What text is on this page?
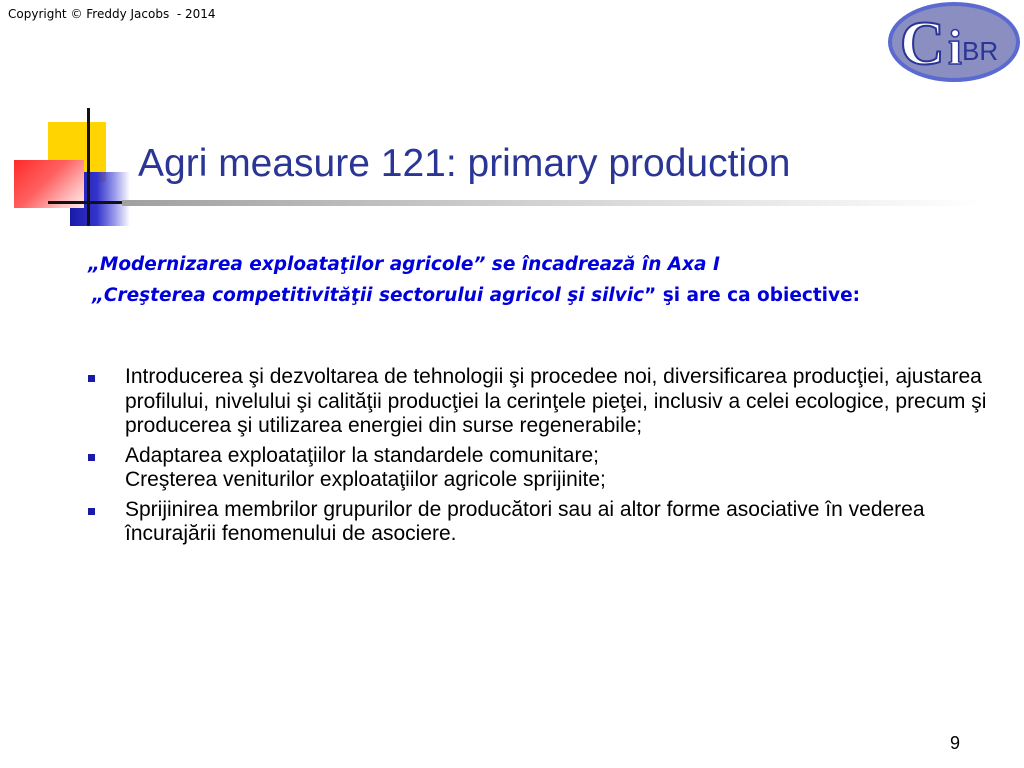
Copyright © Freddy Jacobs  - 2014	C i BR
Agri measure 121: primary production
„Modernizarea exploataţilor agricole” se încadrează în Axa I
„Creşterea competitivităţii sectorului agricol şi silvic” şi are ca obiective:
Introducerea şi dezvoltarea de tehnologii şi procedee noi, diversificarea producţiei, ajustarea profilului, nivelului şi calităţii producţiei la cerinţele pieţei, inclusiv a celei ecologice, precum şi producerea şi utilizarea energiei din surse regenerabile;
Adaptarea exploataţiilor la standardele comunitare;
Creşterea veniturilor exploataţiilor agricole sprijinite;
Sprijinirea membrilor grupurilor de producători sau ai altor forme asociative în vederea încurajării fenomenului de asociere.
9
